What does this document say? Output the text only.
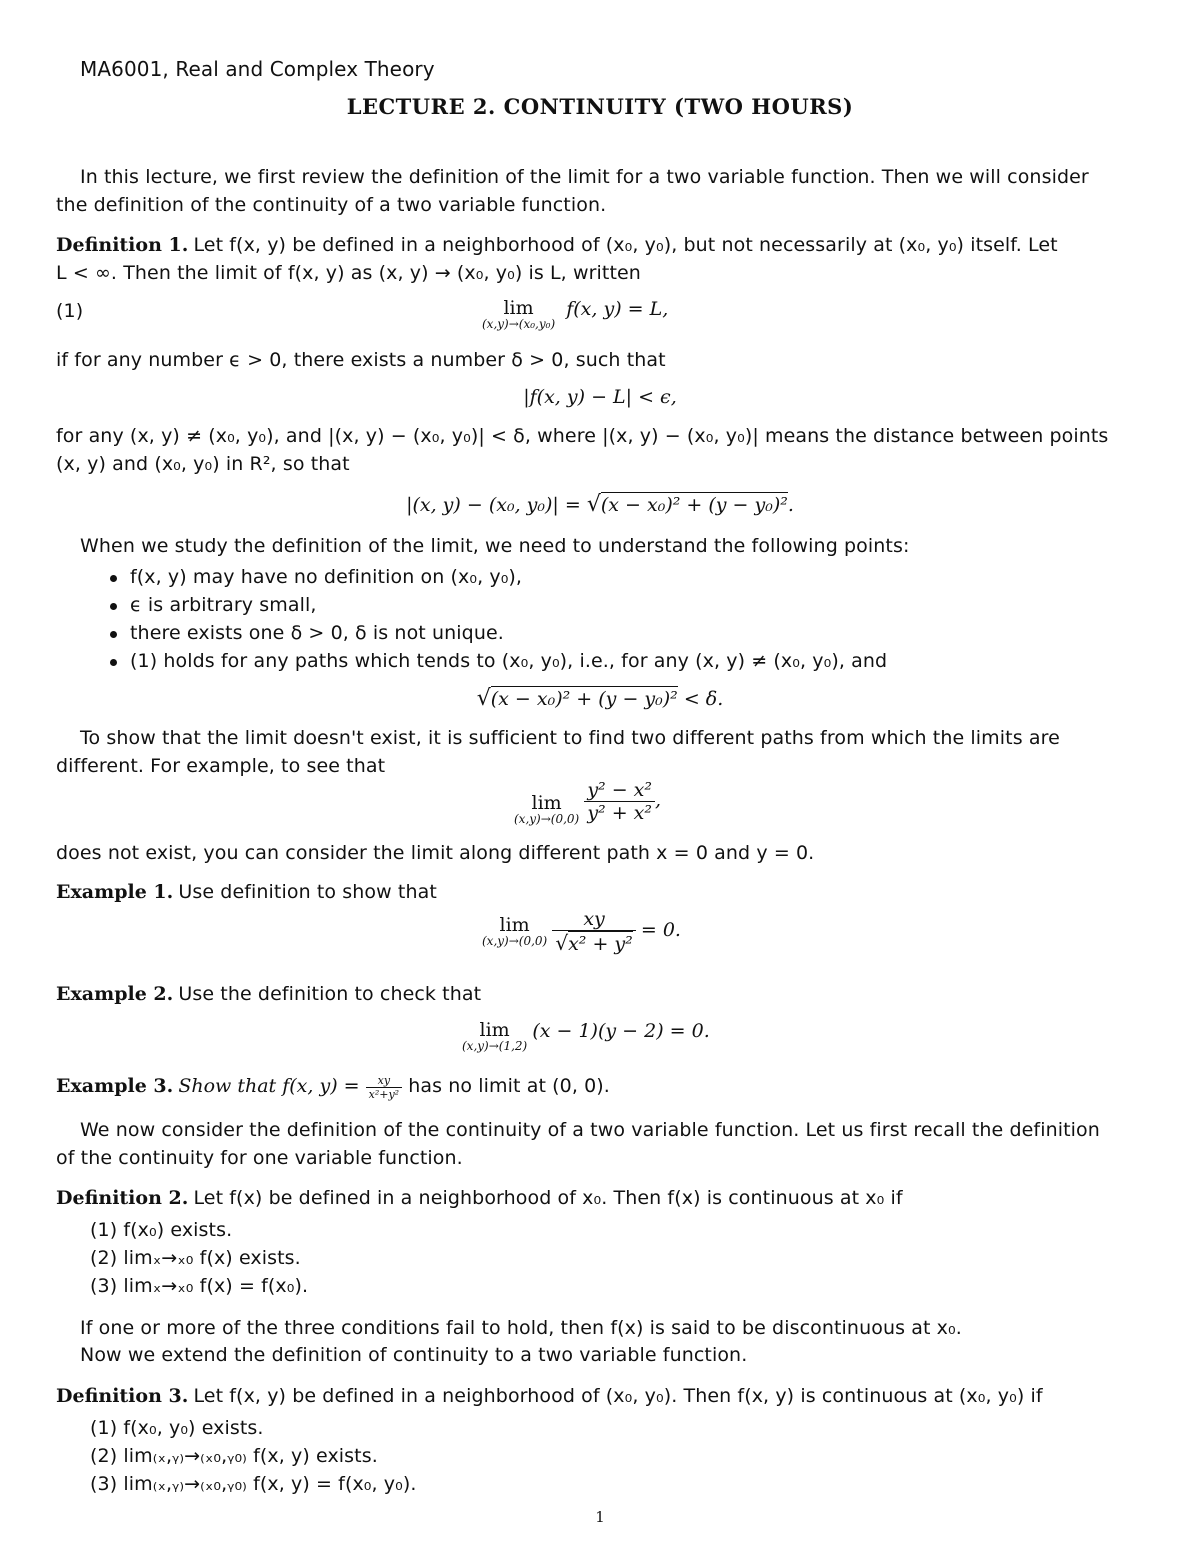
MA6001, Real and Complex Theory
LECTURE 2. CONTINUITY (TWO HOURS)
In this lecture, we first review the definition of the limit for a two variable function. Then we will consider
the definition of the continuity of a two variable function.
Definition 1. Let f(x, y) be defined in a neighborhood of (x₀, y₀), but not necessarily at (x₀, y₀) itself. Let
L < ∞. Then the limit of f(x, y) as (x, y) → (x₀, y₀) is L, written
(1)	lim
(x,y)→(x₀,y₀)
f(x, y) = L,
if for any number ϵ > 0, there exists a number δ > 0, such that
|f(x, y) − L| < ϵ,
for any (x, y) ≠ (x₀, y₀), and |(x, y) − (x₀, y₀)| < δ, where |(x, y) − (x₀, y₀)| means the distance between points
(x, y) and (x₀, y₀) in R², so that
|(x, y) − (x₀, y₀)| = √(x − x₀)² + (y − y₀)².
When we study the definition of the limit, we need to understand the following points:
f(x, y) may have no definition on (x₀, y₀),
ϵ is arbitrary small,
there exists one δ > 0, δ is not unique.
(1) holds for any paths which tends to (x₀, y₀), i.e., for any (x, y) ≠ (x₀, y₀), and
√(x − x₀)² + (y − y₀)² < δ.
To show that the limit doesn't exist, it is sufficient to find two different paths from which the limits are
different. For example, to see that
lim
(x,y)→(0,0)
$\frac{\text{y² − x²}}{\text{y² + x²}}$ ,
does not exist, you can consider the limit along different path x = 0 and y = 0.
Example 1. Use definition to show that
lim
(x,y)→(0,0)
$\frac{xy}{\text{√x² + y²}} = 0$.
Example 2. Use the definition to check that
lim
(x,y)→(1,2)
(x − 1)(y − 2) = 0.
Example 3. Show that f(x, $y) = \frac{xy}{\text{x²+y²}}$ has no limit at (0, 0).
We now consider the definition of the continuity of a two variable function. Let us first recall the definition
of the continuity for one variable function.
Definition 2. Let f(x) be defined in a neighborhood of x₀. Then f(x) is continuous at x₀ if
(1) f(x₀) exists.
(2) limₓ→ₓ₀ f(x) exists.
(3) limₓ→ₓ₀ f(x) = f(x₀).
If one or more of the three conditions fail to hold, then f(x) is said to be discontinuous at x₀.
Now we extend the definition of continuity to a two variable function.
Definition 3. Let f(x, y) be defined in a neighborhood of (x₀, y₀). Then f(x, y) is continuous at (x₀, y₀) if
(1) f(x₀, y₀) exists.
(2) lim₍ₓ,ᵧ₎→₍ₓ₀,ᵧ₀₎ f(x, y) exists.
(3) lim₍ₓ,ᵧ₎→₍ₓ₀,ᵧ₀₎ f(x, y) = f(x₀, y₀).
1
